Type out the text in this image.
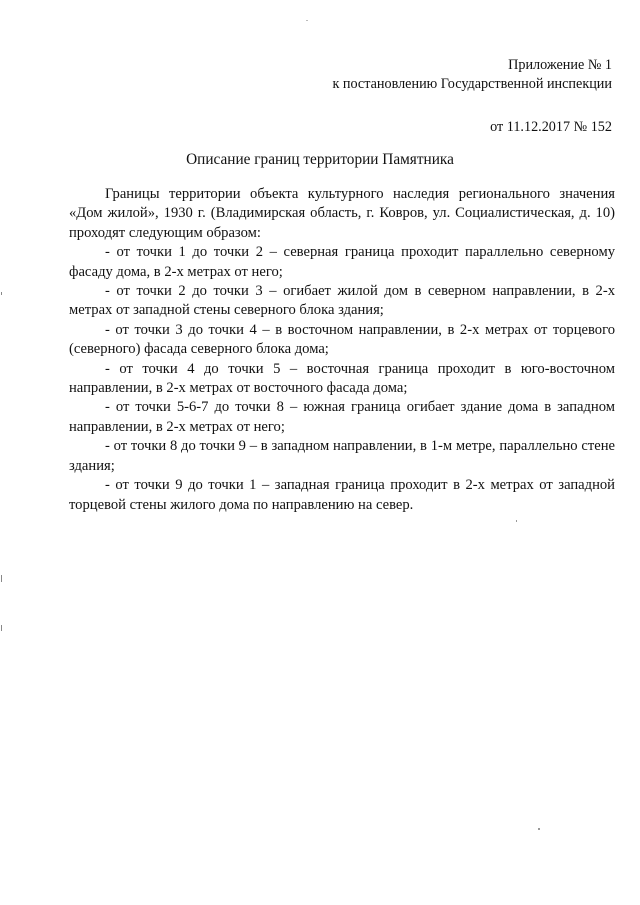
Приложение № 1
к постановлению Государственной инспекции
от 11.12.2017 № 152
Описание границ территории Памятника

Границы территории объекта культурного наследия регионального значения «Дом жилой», 1930 г. (Владимирская область, г. Ковров, ул. Социалистическая, д. 10) проходят следующим образом:

- от точки 1 до точки 2 – северная граница проходит параллельно северному фасаду дома, в 2-х метрах от него;

- от точки 2 до точки 3 – огибает жилой дом в северном направлении, в 2-х метрах от западной стены северного блока здания;

- от точки 3 до точки 4 – в восточном направлении, в 2-х метрах от торцевого (северного) фасада северного блока дома;

- от точки 4 до точки 5 – восточная граница проходит в юго-восточном направлении, в 2-х метрах от восточного фасада дома;

- от точки 5-6-7 до точки 8 – южная граница огибает здание дома в западном направлении, в 2-х метрах от него;

- от точки 8 до точки 9 – в западном направлении, в 1-м метре, параллельно стене здания;

- от точки 9 до точки 1 – западная граница проходит в 2-х метрах от западной торцевой стены жилого дома по направлению на север.
